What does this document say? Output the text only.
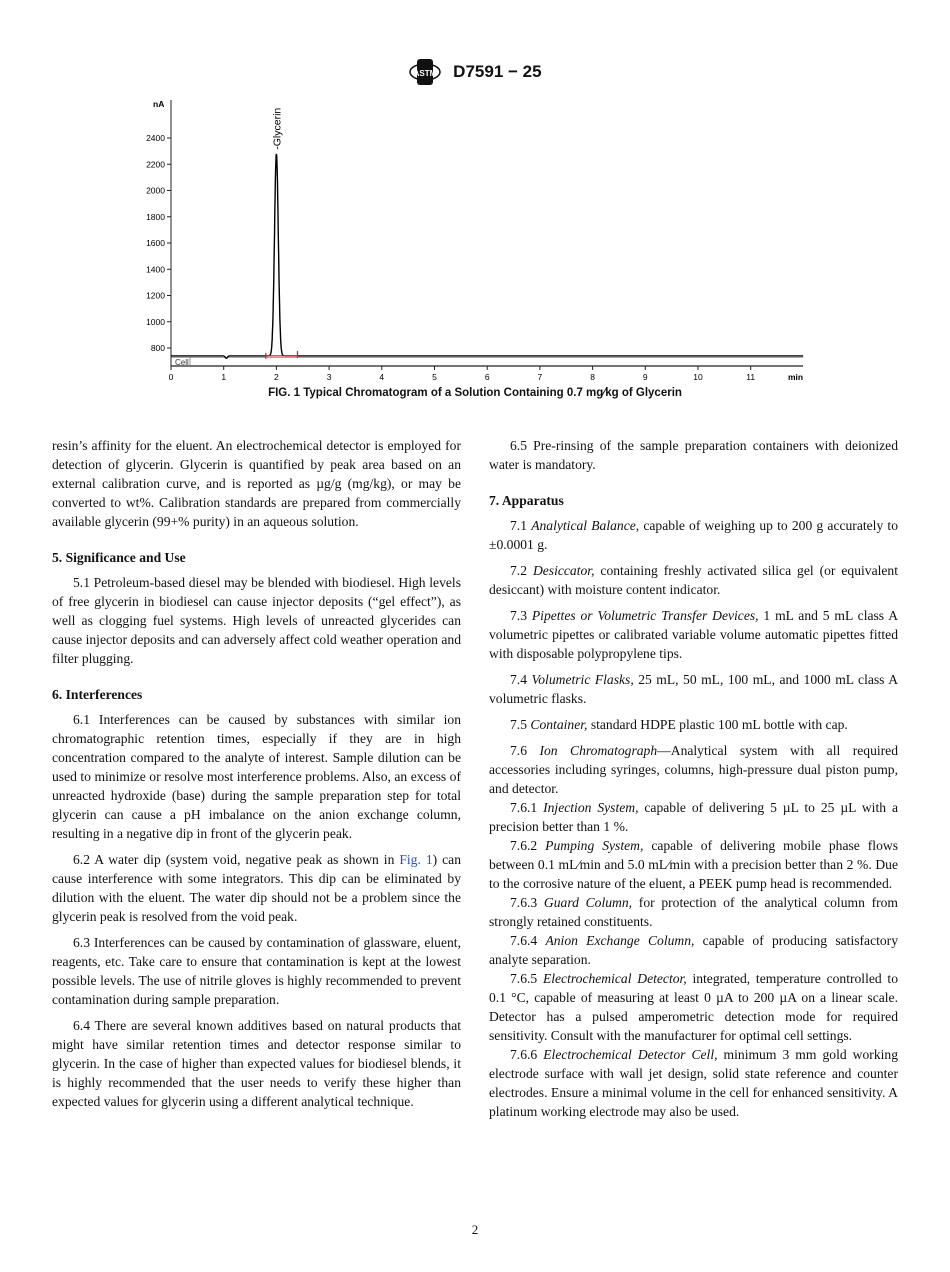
ASTM D7591 − 25
800
1000
1200
1400
1600
1800
2000
2200
2400
0	1	2	3	4	5	6	7	8	9	10	11
nA
min
Cell
-Glycerin
FIG. 1 Typical Chromatogram of a Solution Containing 0.7 mg⁄kg of Glycerin

resin’s affinity for the eluent. An electrochemical detector is employed for detection of glycerin. Glycerin is quantified by peak area based on an external calibration curve, and is reported as µg/g (mg/kg), or may be converted to wt%. Calibration standards are prepared from commercially available glycerin (99+% purity) in an aqueous solution.

5. Significance and Use

5.1 Petroleum-based diesel may be blended with biodiesel. High levels of free glycerin in biodiesel can cause injector deposits (“gel effect”), as well as clogging fuel systems. High levels of unreacted glycerides can cause injector deposits and can adversely affect cold weather operation and filter plugging.

6. Interferences

6.1 Interferences can be caused by substances with similar ion chromatographic retention times, especially if they are in high concentration compared to the analyte of interest. Sample dilution can be used to minimize or resolve most interference problems. Also, an excess of unreacted hydroxide (base) during the sample preparation step for total glycerin can cause a pH imbalance on the anion exchange column, resulting in a negative dip in front of the glycerin peak.

6.2 A water dip (system void, negative peak as shown in Fig. 1) can cause interference with some integrators. This dip can be eliminated by dilution with the eluent. The water dip should not be a problem since the glycerin peak is resolved from the void peak.

6.3 Interferences can be caused by contamination of glassware, eluent, reagents, etc. Take care to ensure that contamination is kept at the lowest possible levels. The use of nitrile gloves is highly recommended to prevent contamination during sample preparation.

6.4 There are several known additives based on natural products that might have similar retention times and detector response similar to glycerin. In the case of higher than expected values for biodiesel blends, it is highly recommended that the user needs to verify these higher than expected values for glycerin using a different analytical technique.

6.5 Pre-rinsing of the sample preparation containers with deionized water is mandatory.

7. Apparatus

7.1 Analytical Balance, capable of weighing up to 200 g accurately to ±0.0001 g.

7.2 Desiccator, containing freshly activated silica gel (or equivalent desiccant) with moisture content indicator.

7.3 Pipettes or Volumetric Transfer Devices, 1 mL and 5 mL class A volumetric pipettes or calibrated variable volume automatic pipettes fitted with disposable polypropylene tips.

7.4 Volumetric Flasks, 25 mL, 50 mL, 100 mL, and 1000 mL class A volumetric flasks.

7.5 Container, standard HDPE plastic 100 mL bottle with cap.

7.6 Ion Chromatograph—Analytical system with all required accessories including syringes, columns, high-pressure dual piston pump, and detector.

7.6.1 Injection System, capable of delivering 5 µL to 25 µL with a precision better than 1 %.

7.6.2 Pumping System, capable of delivering mobile phase flows between 0.1 mL⁄min and 5.0 mL⁄min with a precision better than 2 %. Due to the corrosive nature of the eluent, a PEEK pump head is recommended.

7.6.3 Guard Column, for protection of the analytical column from strongly retained constituents.

7.6.4 Anion Exchange Column, capable of producing satisfactory analyte separation.

7.6.5 Electrochemical Detector, integrated, temperature controlled to 0.1 °C, capable of measuring at least 0 µA to 200 µA on a linear scale. Detector has a pulsed amperometric detection mode for required sensitivity. Consult with the manufacturer for optimal cell settings.

7.6.6 Electrochemical Detector Cell, minimum 3 mm gold working electrode surface with wall jet design, solid state reference and counter electrodes. Ensure a minimal volume in the cell for enhanced sensitivity. A platinum working electrode may also be used.

2
